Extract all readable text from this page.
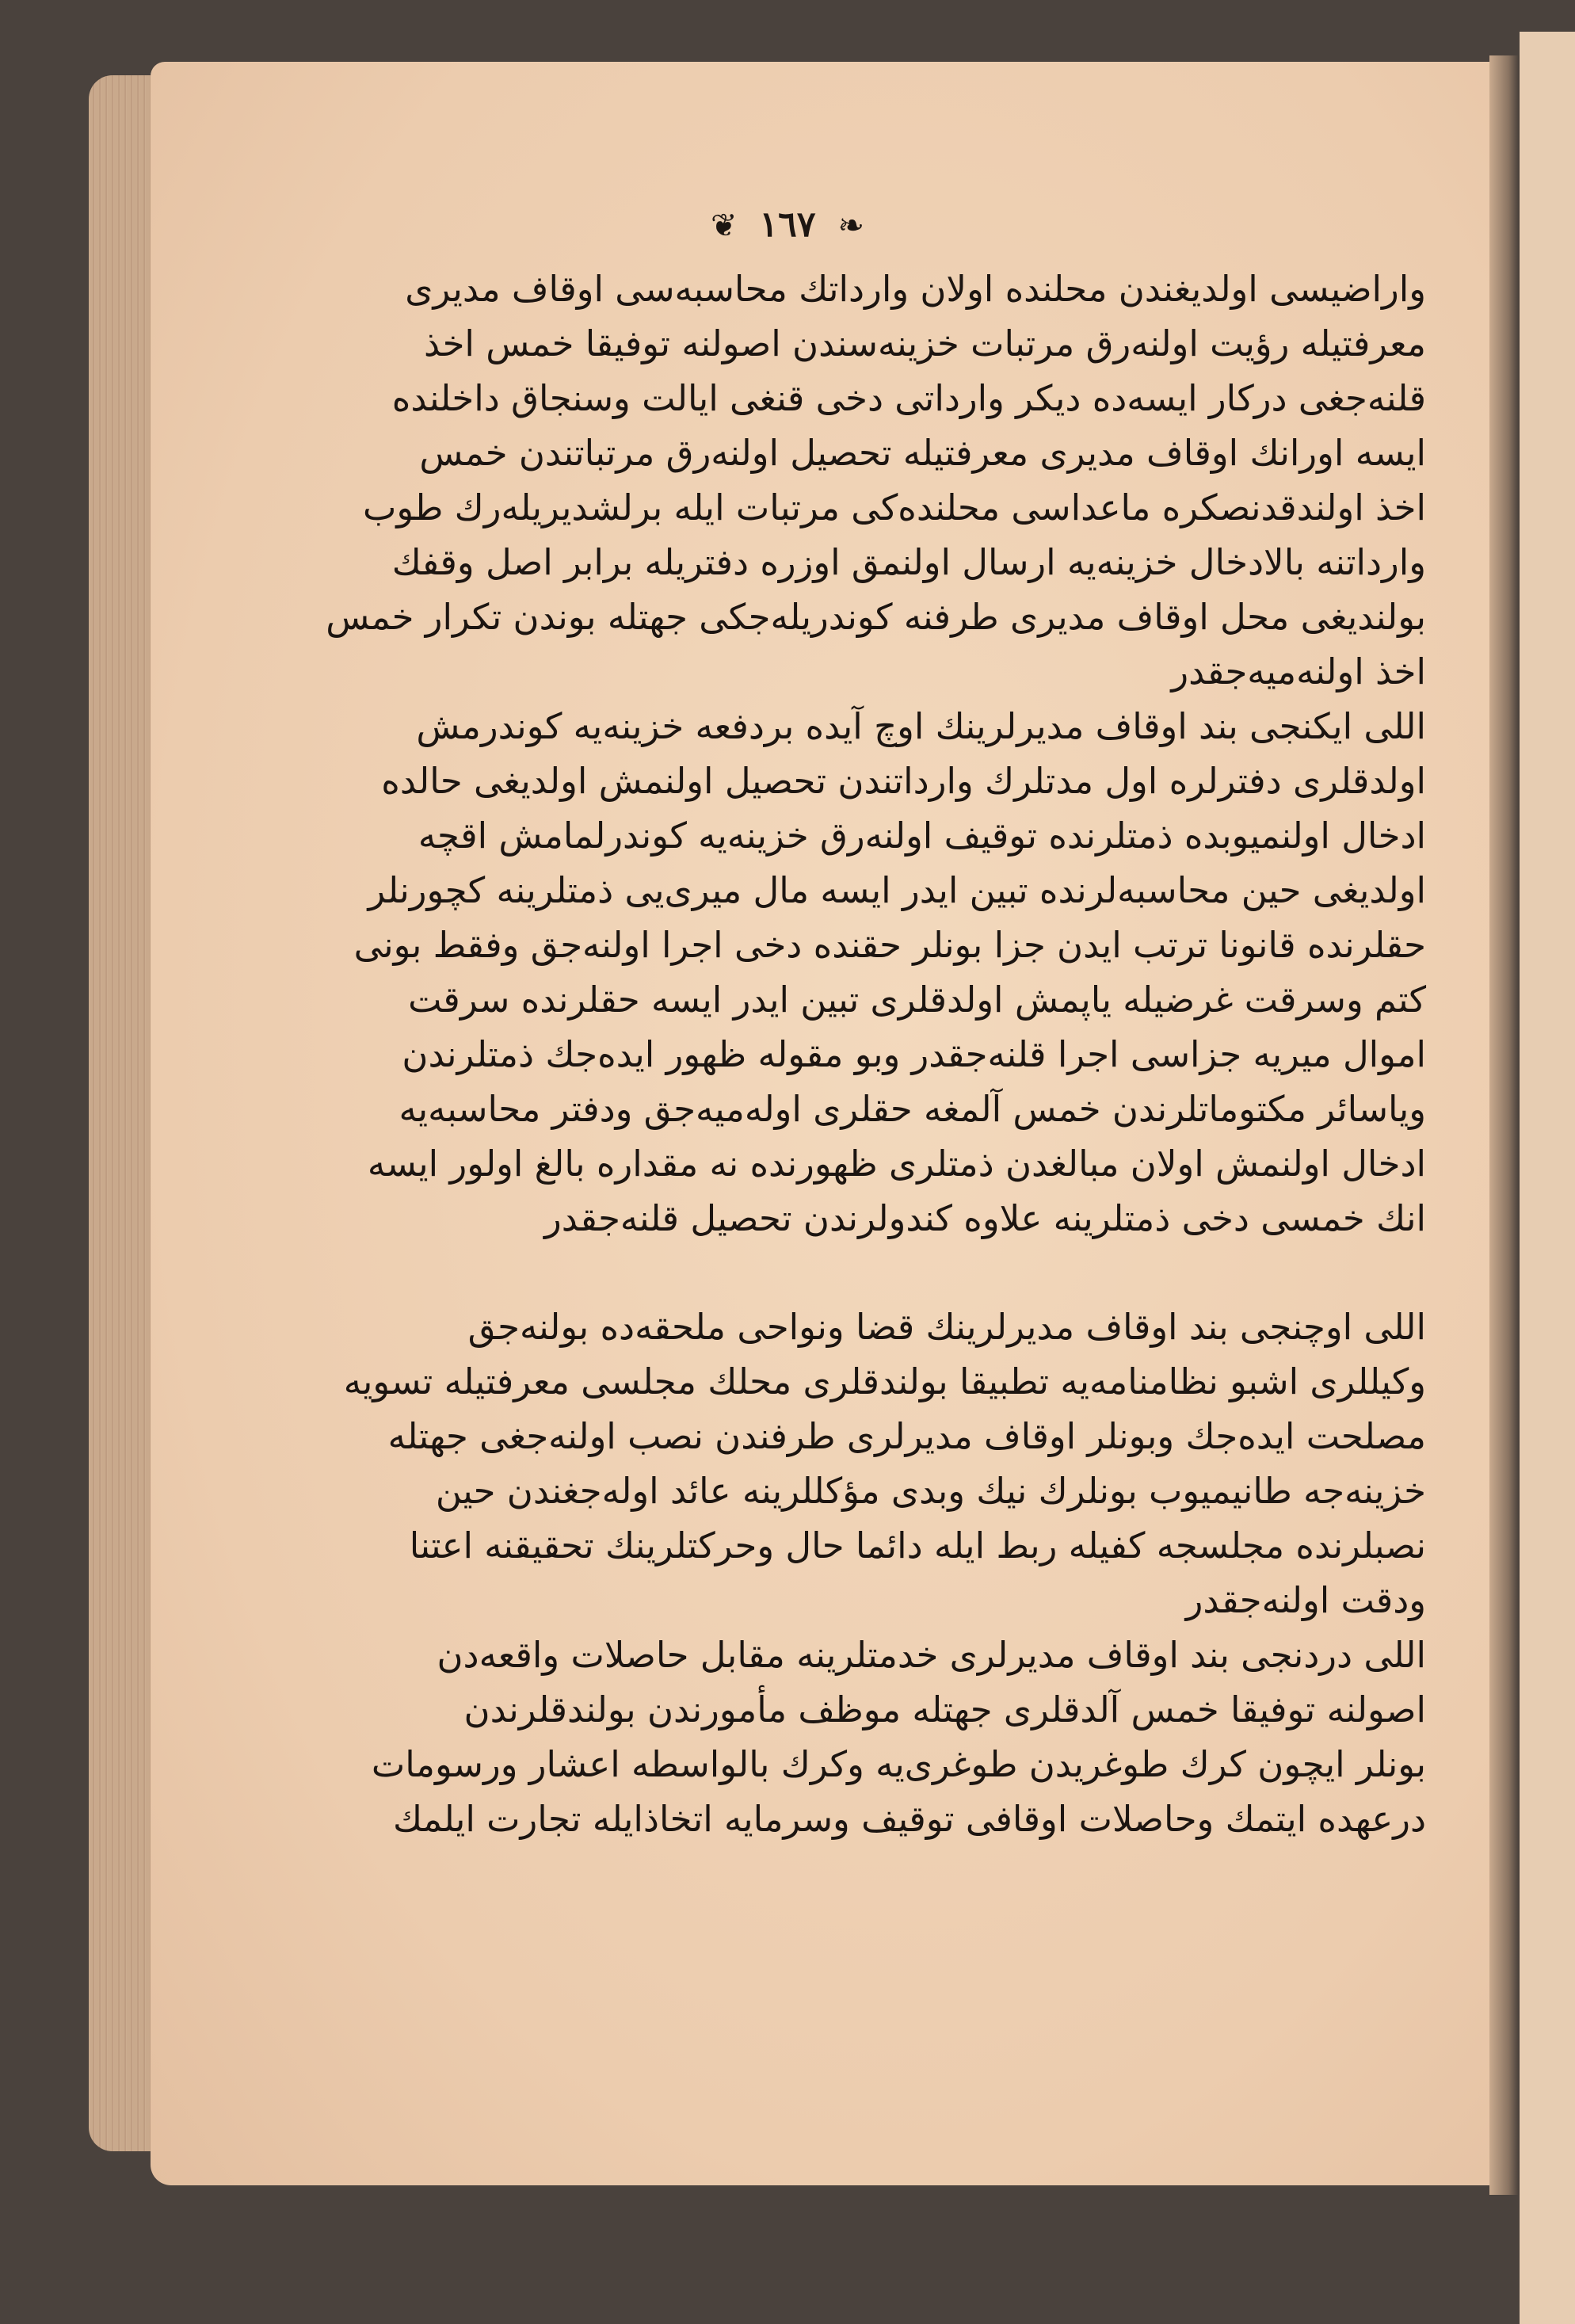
❦ ١٦٧ ❧
واراضیسی اولدیغندن محلنده اولان وارداتك محاسبه‌سی اوقاف مدیری
معرفتیله رؤیت اولنه‌رق مرتبات خزینه‌سندن اصولنه توفیقا خمس اخذ
قلنه‌جغی درکار ایسه‌ده دیکر وارداتی دخی قنغی ایالت وسنجاق داخلنده
ایسه اورانك اوقاف مدیری معرفتیله تحصیل اولنه‌رق مرتباتندن خمس
اخذ اولندقدنصکره ماعداسی محلنده‌کی مرتبات ایله برلشدیریله‌رك طوب
وارداتنه بالادخال خزینه‌یه ارسال اولنمق اوزره دفتریله برابر اصل وقفك
بولندیغی محل اوقاف مدیری طرفنه کوندریله‌جکی جهتله بوندن تکرار خمس
اخذ اولنه‌میه‌جقدر
اللی ایکنجی بند اوقاف مدیرلرینك اوچ آیده بردفعه خزینه‌یه کوندرمش
اولدقلری دفترلره اول مدتلرك وارداتندن تحصیل اولنمش اولدیغی حالده
ادخال اولنمیوبده ذمتلرنده توقیف اولنه‌رق خزینه‌یه کوندرلمامش اقچه
اولدیغی حین محاسبه‌لرنده تبین ایدر ایسه مال میری‌یی ذمتلرینه کچورنلر
حقلرنده قانونا ترتب ایدن جزا بونلر حقنده دخی اجرا اولنه‌جق وفقط بونی
کتم وسرقت غرضیله یاپمش اولدقلری تبین ایدر ایسه حقلرنده سرقت
اموال میریه جزاسی اجرا قلنه‌جقدر وبو مقوله ظهور ایده‌جك ذمتلرندن
ویاسائر مکتوماتلرندن خمس آلمغه حقلری اوله‌میه‌جق ودفتر محاسبه‌یه
ادخال اولنمش اولان مبالغدن ذمتلری ظهورنده نه مقداره بالغ اولور ایسه
انك خمسی دخی ذمتلرینه علاوه کندولرندن تحصیل قلنه‌جقدر
اللی اوچنجی بند اوقاف مدیرلرینك قضا ونواحی ملحقه‌ده بولنه‌جق
وکیللری اشبو نظامنامه‌یه تطبیقا بولندقلری محلك مجلسی معرفتیله تسویه
مصلحت ایده‌جك وبونلر اوقاف مدیرلری طرفندن نصب اولنه‌جغی جهتله
خزینه‌جه طانیمیوب بونلرك نیك وبدی مؤکللرینه عائد اوله‌جغندن حین
نصبلرنده مجلسجه کفیله ربط ایله دائما حال وحرکتلرینك تحقیقنه اعتنا
ودقت اولنه‌جقدر
اللی دردنجی بند اوقاف مدیرلری خدمتلرینه مقابل حاصلات واقعه‌دن
اصولنه توفیقا خمس آلدقلری جهتله موظف مأمورندن بولندقلرندن
بونلر ایچون کرك طوغریدن طوغری‌یه وکرك بالواسطه اعشار ورسومات
درعهده ایتمك وحاصلات اوقافی توقیف وسرمایه اتخاذایله تجارت ایلمك
